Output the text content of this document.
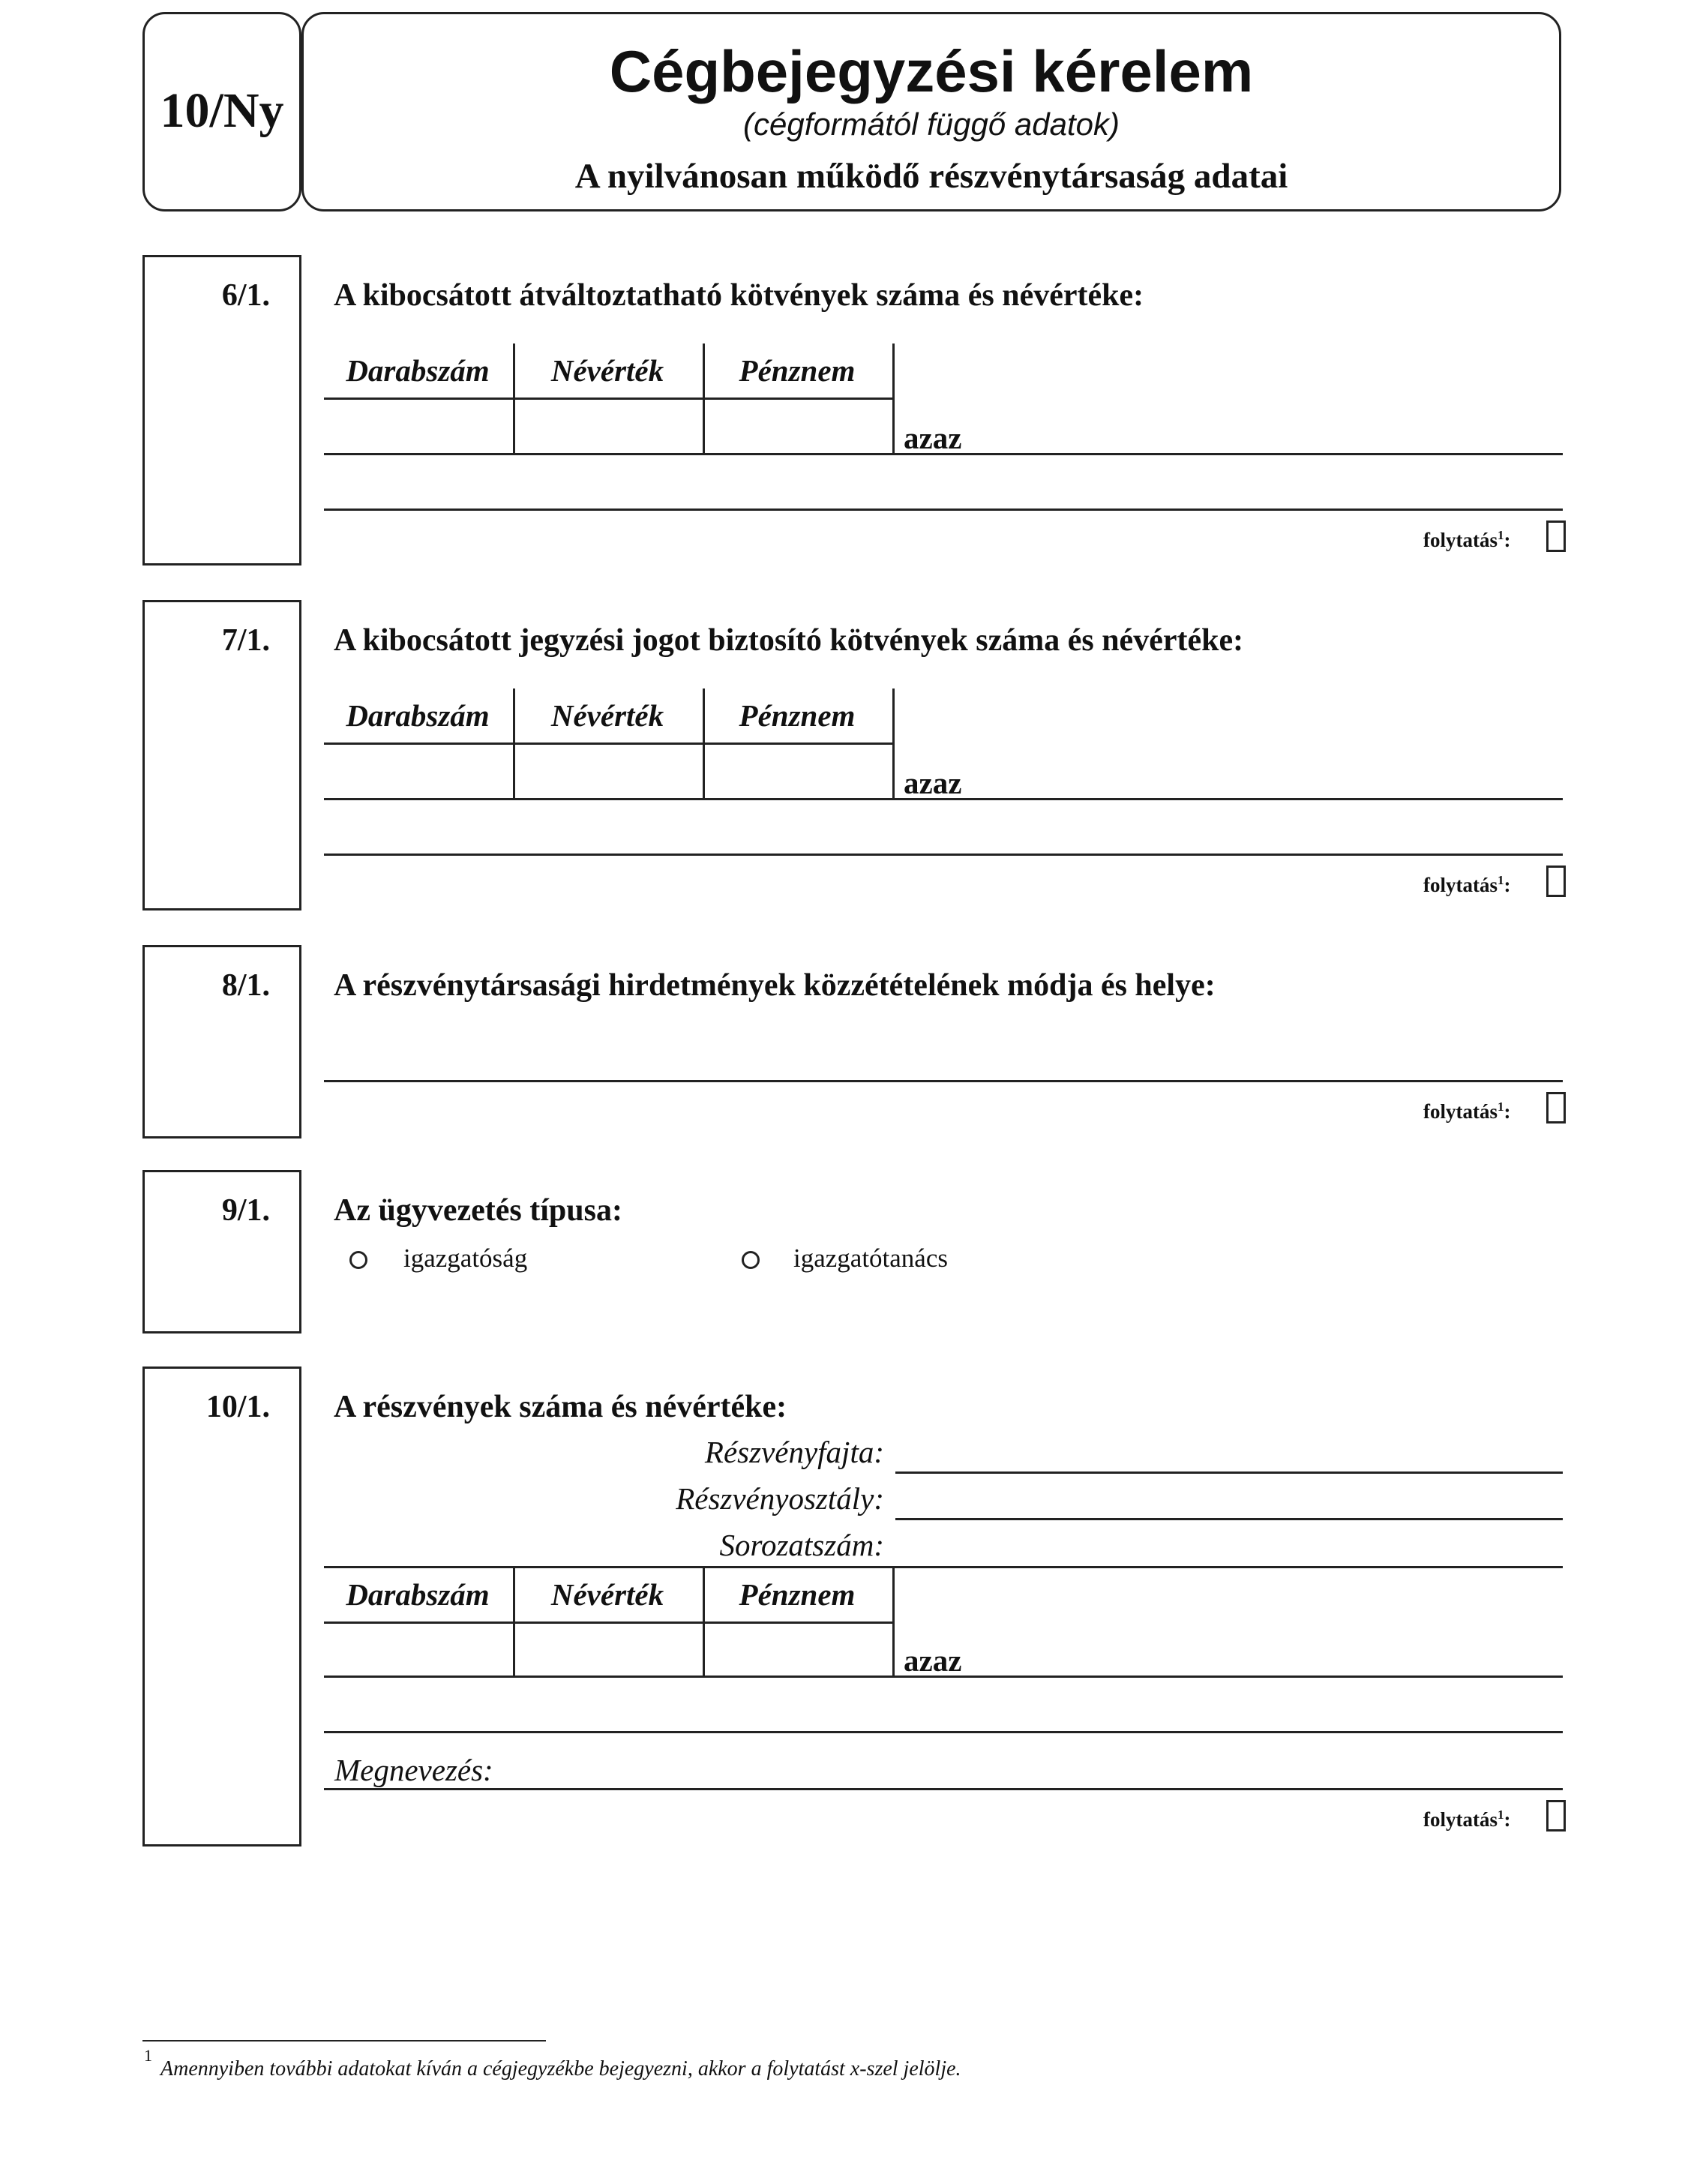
10/Ny
Cégbejegyzési kérelem
(cégformától függő adatok)
A nyilvánosan működő részvénytársaság adatai
6/1. A kibocsátott átváltoztatható kötvények száma és névértéke:
Darabszám	Névérték	Pénznem
azaz
folytatás$^1$:
7/1. A kibocsátott jegyzési jogot biztosító kötvények száma és névértéke:
Darabszám	Névérték	Pénznem
azaz
folytatás$^1$:
8/1. A részvénytársasági hirdetmények közzétételének módja és helye:
folytatás$^1$:
9/1. Az ügyvezetés típusa:
igazgatóság	igazgatótanács
10/1. A részvények száma és névértéke:
Részvényfajta:
Részvényosztály:
Sorozatszám:
Darabszám	Névérték	Pénznem
azaz
Megnevezés:
folytatás$^1$:
1
Amennyiben további adatokat kíván a cégjegyzékbe bejegyezni, akkor a folytatást x-szel jelölje.
